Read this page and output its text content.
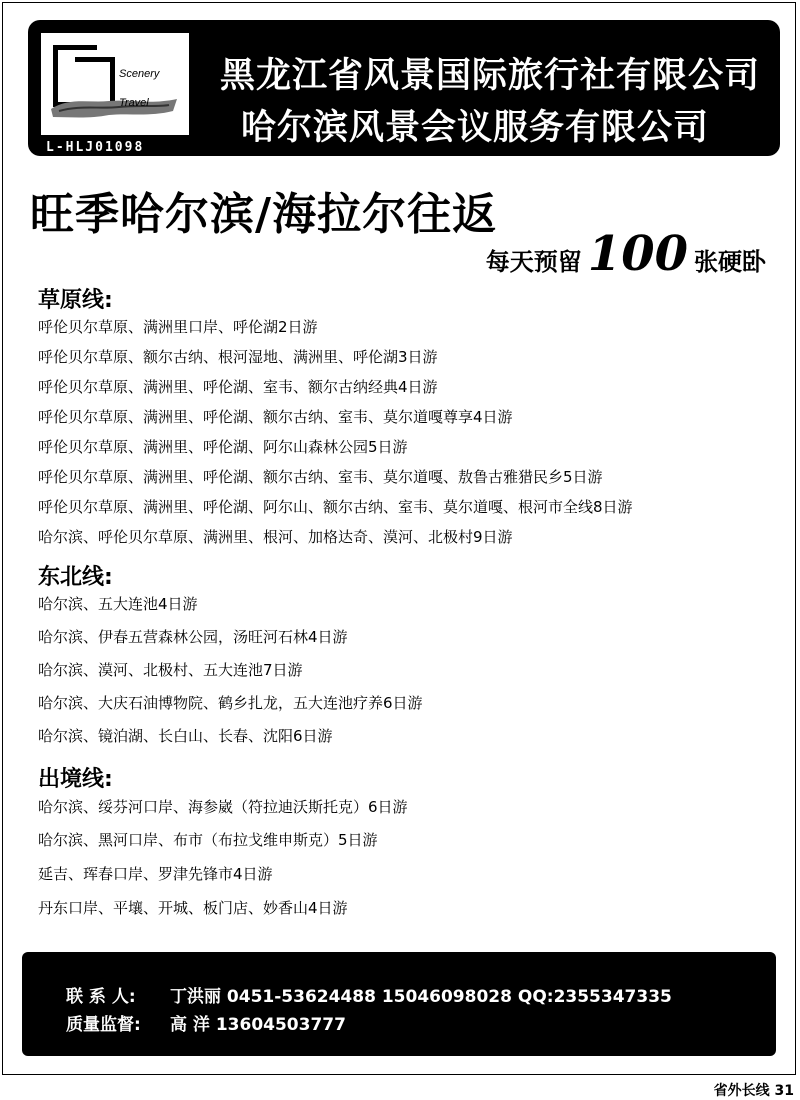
Scenery
Travel
L-HLJ01098
黑龙江省风景国际旅行社有限公司
哈尔滨风景会议服务有限公司
旺季哈尔滨/海拉尔往返
每天预留 100 张硬卧
草原线:
呼伦贝尔草原、满洲里口岸、呼伦湖2日游
呼伦贝尔草原、额尔古纳、根河湿地、满洲里、呼伦湖3日游
呼伦贝尔草原、满洲里、呼伦湖、室韦、额尔古纳经典4日游
呼伦贝尔草原、满洲里、呼伦湖、额尔古纳、室韦、莫尔道嘎尊享4日游
呼伦贝尔草原、满洲里、呼伦湖、阿尔山森林公园5日游
呼伦贝尔草原、满洲里、呼伦湖、额尔古纳、室韦、莫尔道嘎、敖鲁古雅猎民乡5日游
呼伦贝尔草原、满洲里、呼伦湖、阿尔山、额尔古纳、室韦、莫尔道嘎、根河市全线8日游
哈尔滨、呼伦贝尔草原、满洲里、根河、加格达奇、漠河、北极村9日游
东北线:
哈尔滨、五大连池4日游
哈尔滨、伊春五营森林公园，汤旺河石林4日游
哈尔滨、漠河、北极村、五大连池7日游
哈尔滨、大庆石油博物院、鹤乡扎龙，五大连池疗养6日游
哈尔滨、镜泊湖、长白山、长春、沈阳6日游
出境线:
哈尔滨、绥芬河口岸、海参崴（符拉迪沃斯托克）6日游
哈尔滨、黑河口岸、布市（布拉戈维申斯克）5日游
延吉、珲春口岸、罗津先锋市4日游
丹东口岸、平壤、开城、板门店、妙香山4日游
联 系 人: 丁洪丽 0451-53624488 15046098028 QQ:2355347335
质量监督: 高 洋 13604503777
省外长线 31
